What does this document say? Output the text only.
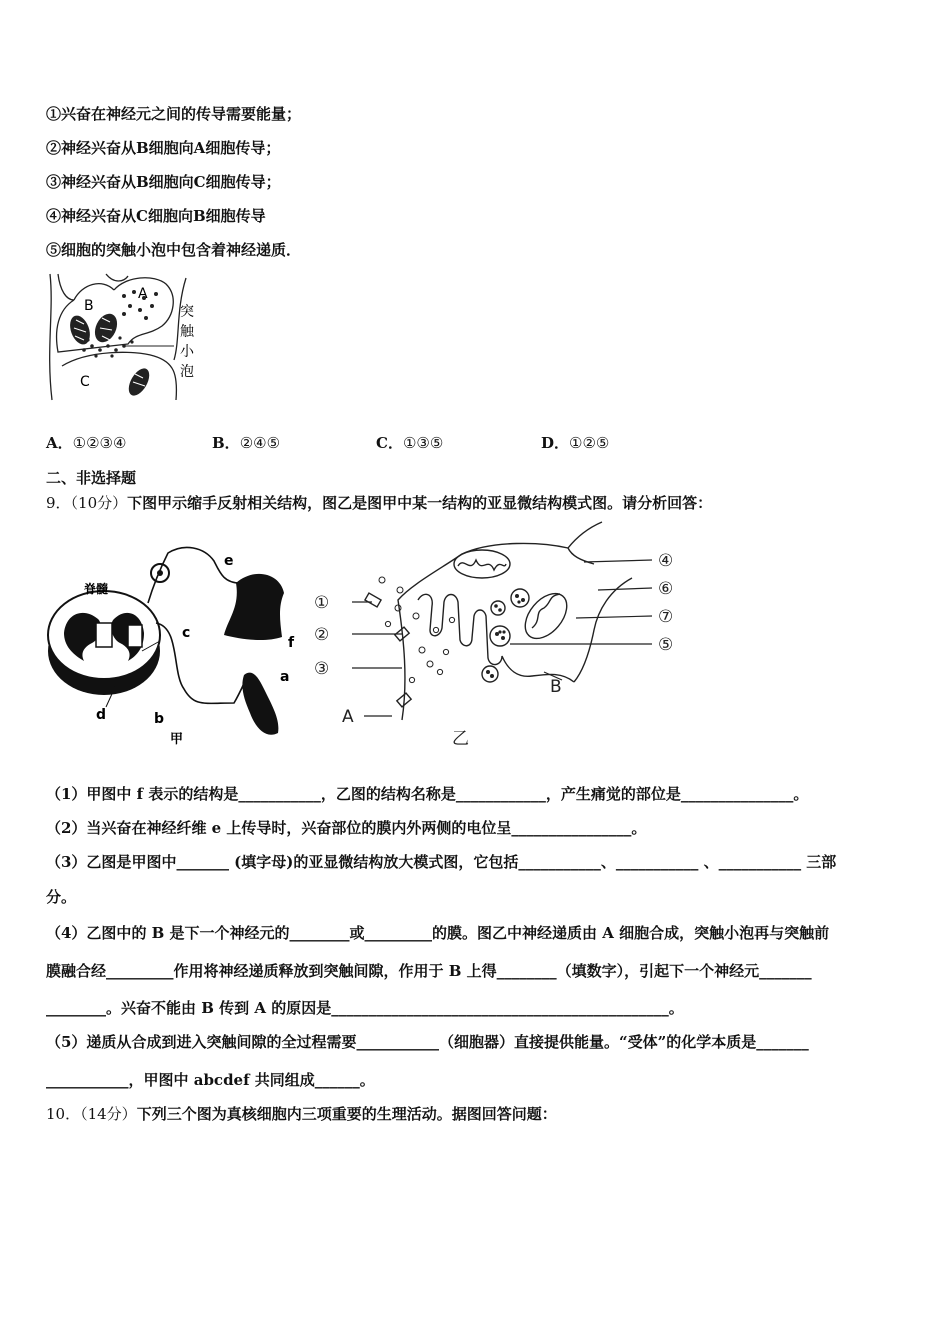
①兴奋在神经元之间的传导需要能量；
②神经兴奋从B细胞向A细胞传导；
③神经兴奋从B细胞向C细胞传导；
④神经兴奋从C细胞向B细胞传导
⑤细胞的突触小泡中包含着神经递质．
A
B
C
突
触
小
泡
A．①②③④	B．②④⑤	C．①③⑤	D．①②⑤
二、非选择题
9．（10分）下图甲示缩手反射相关结构，图乙是图甲中某一结构的亚显微结构模式图。请分析回答：
脊髓
e
c
f
a
d	b
甲
①
②
③
A
④
⑥
⑦
⑤
B
乙
（1）甲图中 f 表示的结构是___________，乙图的结构名称是____________，产生痛觉的部位是_______________。
（2）当兴奋在神经纤维 e 上传导时，兴奋部位的膜内外两侧的电位呈________________。
（3）乙图是甲图中_______ (填字母)的亚显微结构放大模式图，它包括___________、___________ 、___________ 三部
分。
（4）乙图中的 B 是下一个神经元的________或_________的膜。图乙中神经递质由 A 细胞合成，突触小泡再与突触前
膜融合经_________作用将神经递质释放到突触间隙，作用于 B 上得________（填数字），引起下一个神经元_______
________。兴奋不能由 B 传到 A 的原因是_____________________________________________。
（5）递质从合成到进入突触间隙的全过程需要___________（细胞器）直接提供能量。“受体”的化学本质是_______
___________，甲图中 abcdef 共同组成______。
10．（14分）下列三个图为真核细胞内三项重要的生理活动。据图回答问题：
